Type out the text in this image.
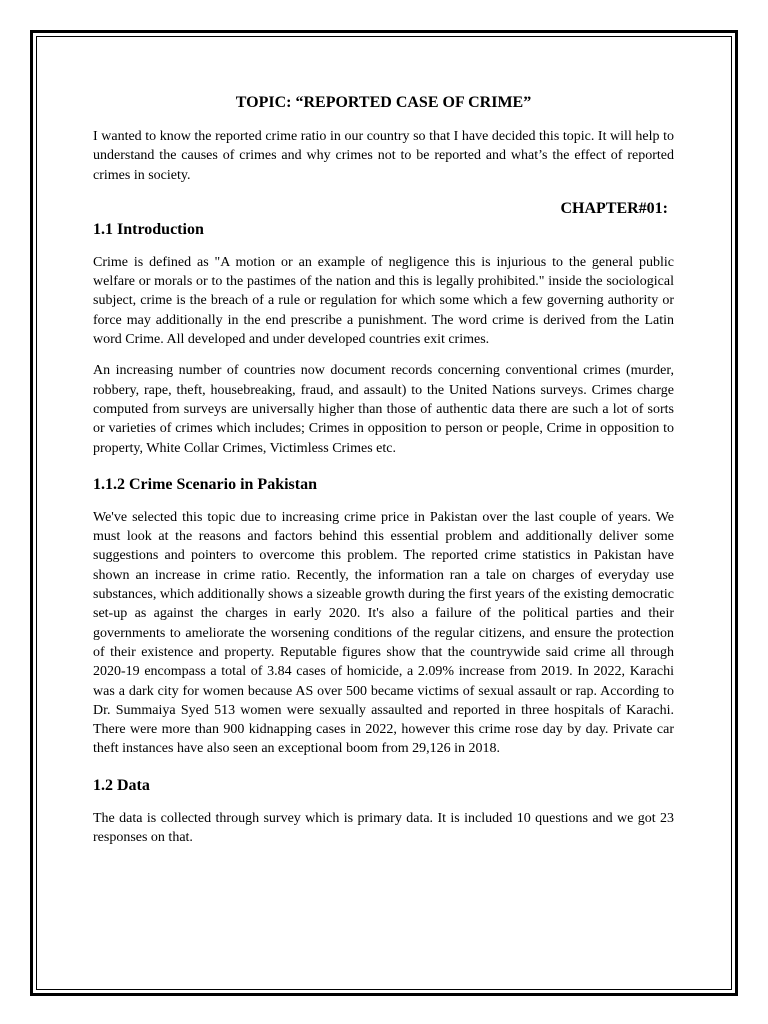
TOPIC: “REPORTED CASE OF CRIME”

I wanted to know the reported crime ratio in our country so that I have decided this topic. It will help to understand the causes of crimes and why crimes not to be reported and what’s the effect of reported crimes in society.

CHAPTER#01:
1.1 Introduction

Crime is defined as "A motion or an example of negligence this is injurious to the general public welfare or morals or to the pastimes of the nation and this is legally prohibited." inside the sociological subject, crime is the breach of a rule or regulation for which some which a few governing authority or force may additionally in the end prescribe a punishment. The word crime is derived from the Latin word Crime. All developed and under developed countries exit crimes.

An increasing number of countries now document records concerning conventional crimes (murder, robbery, rape, theft, housebreaking, fraud, and assault) to the United Nations surveys. Crimes charge computed from surveys are universally higher than those of authentic data there are such a lot of sorts or varieties of crimes which includes; Crimes in opposition to person or people, Crime in opposition to property, White Collar Crimes, Victimless Crimes etc.

1.1.2 Crime Scenario in Pakistan

We've selected this topic due to increasing crime price in Pakistan over the last couple of years. We must look at the reasons and factors behind this essential problem and additionally deliver some suggestions and pointers to overcome this problem. The reported crime statistics in Pakistan have shown an increase in crime ratio. Recently, the information ran a tale on charges of everyday use substances, which additionally shows a sizeable growth during the first years of the existing democratic set-up as against the charges in early 2020. It's also a failure of the political parties and their governments to ameliorate the worsening conditions of the regular citizens, and ensure the protection of their existence and property. Reputable figures show that the countrywide said crime all through 2020-19 encompass a total of 3.84 cases of homicide, a 2.09% increase from 2019. In 2022, Karachi was a dark city for women because AS over 500 became victims of sexual assault or rap. According to Dr. Summaiya Syed 513 women were sexually assaulted and reported in three hospitals of Karachi. There were more than 900 kidnapping cases in 2022, however this crime rose day by day. Private car theft instances have also seen an exceptional boom from 29,126 in 2018.

1.2 Data

The data is collected through survey which is primary data. It is included 10 questions and we got 23 responses on that.
